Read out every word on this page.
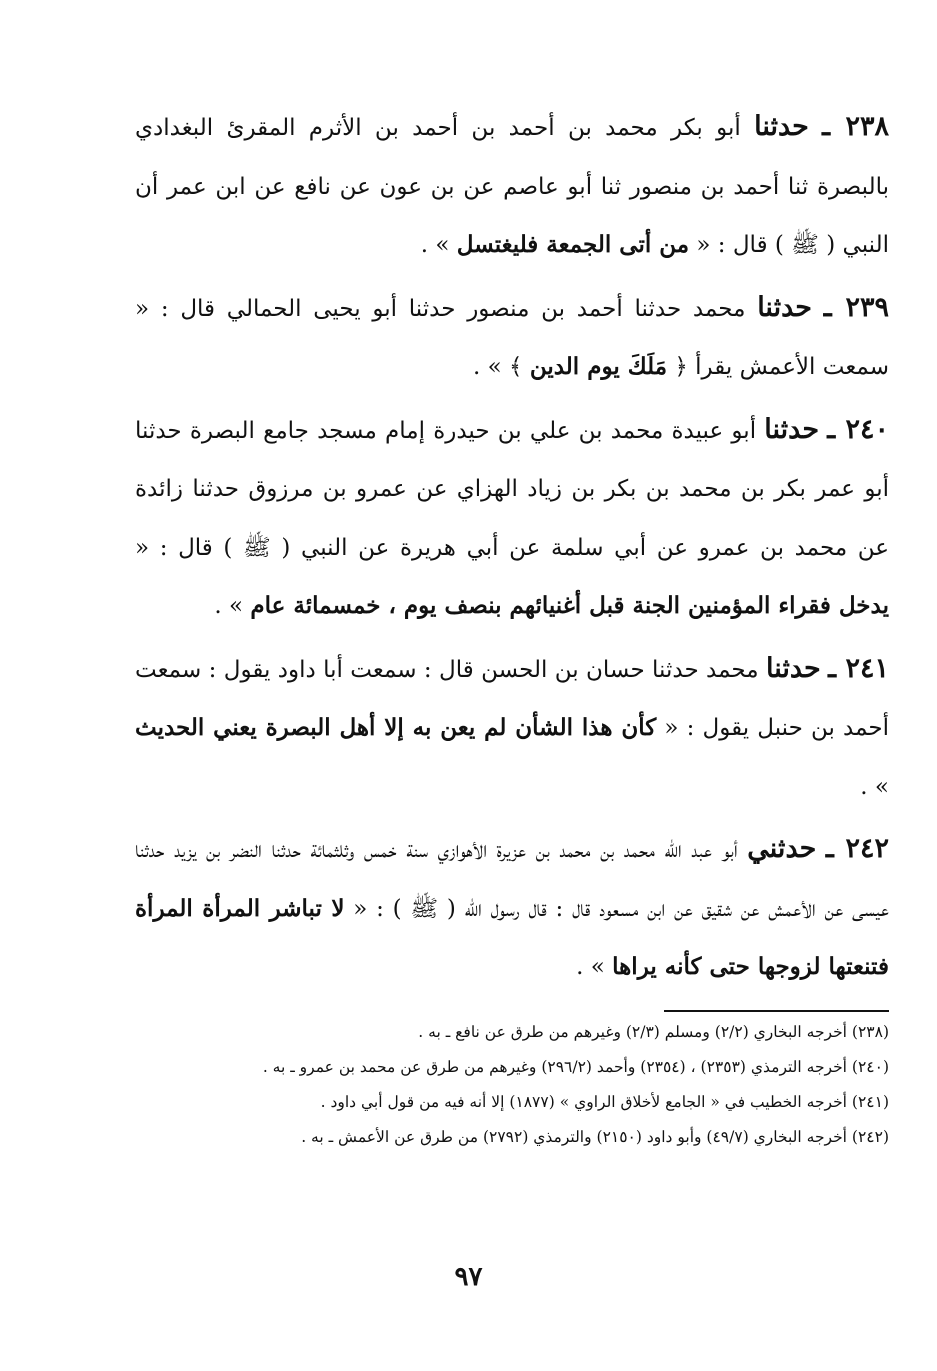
٢٣٨ ـ حدثنا أبو بكر محمد بن أحمد بن أحمد بن الأثرم المقرئ البغدادي بالبصرة ثنا أحمد بن منصور ثنا أبو عاصم عن بن عون عن نافع عن ابن عمر أن النبي ( ﷺ ) قال : « من أتى الجمعة فليغتسل » .

٢٣٩ ـ حدثنا محمد حدثنا أحمد بن منصور حدثنا أبو يحيى الحمالي قال : « سمعت الأعمش يقرأ ﴿ مَلَكَ يوم الدين ﴾ » .

٢٤٠ ـ حدثنا أبو عبيدة محمد بن علي بن حيدرة إمام مسجد جامع البصرة حدثنا أبو عمر بكر بن محمد بن بكر بن زياد الهزاي عن عمرو بن مرزوق حدثنا زائدة عن محمد بن عمرو عن أبي سلمة عن أبي هريرة عن النبي ( ﷺ ) قال : « يدخل فقراء المؤمنين الجنة قبل أغنيائهم بنصف يوم ، خمسمائة عام » .

٢٤١ ـ حدثنا محمد حدثنا حسان بن الحسن قال : سمعت أبا داود يقول : سمعت أحمد بن حنبل يقول : « كأن هذا الشأن لم يعن به إلا أهل البصرة يعني الحديث » .

٢٤٢ ـ حدثني أبو عبد اللّه محمد بن محمد بن عزيرة الأهوازي سنة خمس وثلثمائة حدثنا النضر بن يزيد حدثنا عيسى عن الأعمش عن شقيق عن ابن مسعود قال : قال رسول اللّه ( ﷺ ) : « لا تباشر المرأة المرأة فتنعتها لزوجها حتى كأنه يراها » .

(٢٣٨) أخرجه البخاري (٢/٢) ومسلم (٢/٣) وغيرهم من طرق عن نافع ـ به .

(٢٤٠) أخرجه الترمذي (٢٣٥٣) ، (٢٣٥٤) وأحمد (٢٩٦/٢) وغيرهم من طرق عن محمد بن عمرو ـ به .

(٢٤١) أخرجه الخطيب في « الجامع لأخلاق الراوي » (١٨٧٧) إلا أنه فيه من قول أبي داود .

(٢٤٢) أخرجه البخاري (٤٩/٧) وأبو داود (٢١٥٠) والترمذي (٢٧٩٢) من طرق عن الأعمش ـ به .

٩٧
